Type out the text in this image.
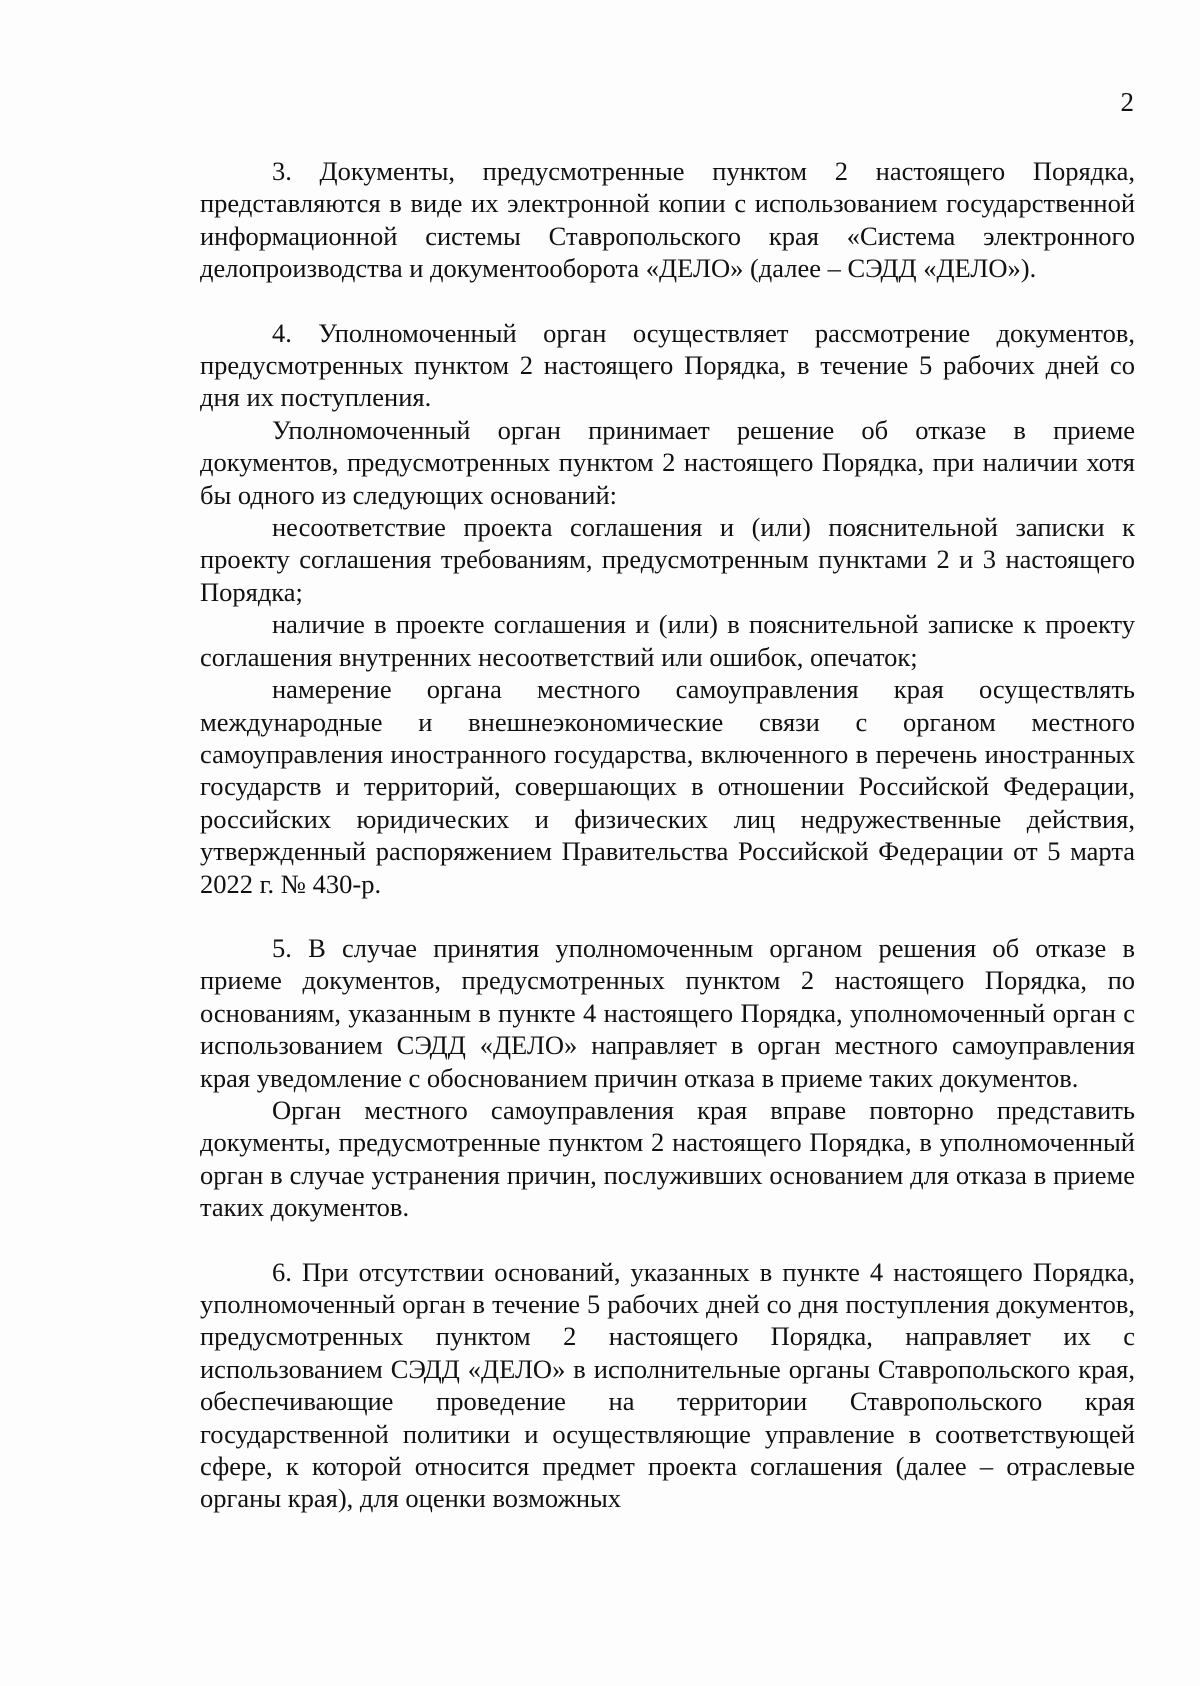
2

3. Документы, предусмотренные пунктом 2 настоящего Порядка, представляются в виде их электронной копии с использованием государственной информационной системы Ставропольского края «Система электронного делопроизводства и документооборота «ДЕЛО» (далее – СЭДД «ДЕЛО»).

4. Уполномоченный орган осуществляет рассмотрение документов, предусмотренных пунктом 2 настоящего Порядка, в течение 5 рабочих дней со дня их поступления.

Уполномоченный орган принимает решение об отказе в приеме документов, предусмотренных пунктом 2 настоящего Порядка, при наличии хотя бы одного из следующих оснований:

несоответствие проекта соглашения и (или) пояснительной записки к проекту соглашения требованиям, предусмотренным пунктами 2 и 3 настоящего Порядка;

наличие в проекте соглашения и (или) в пояснительной записке к проекту соглашения внутренних несоответствий или ошибок, опечаток;

намерение органа местного самоуправления края осуществлять международные и внешнеэкономические связи с органом местного самоуправления иностранного государства, включенного в перечень иностранных государств и территорий, совершающих в отношении Российской Федерации, российских юридических и физических лиц недружественные действия, утвержденный распоряжением Правительства Российской Федерации от 5 марта 2022 г. № 430-р.

5. В случае принятия уполномоченным органом решения об отказе в приеме документов, предусмотренных пунктом 2 настоящего Порядка, по основаниям, указанным в пункте 4 настоящего Порядка, уполномоченный орган с использованием СЭДД «ДЕЛО» направляет в орган местного самоуправления края уведомление с обоснованием причин отказа в приеме таких документов.

Орган местного самоуправления края вправе повторно представить документы, предусмотренные пунктом 2 настоящего Порядка, в уполномоченный орган в случае устранения причин, послуживших основанием для отказа в приеме таких документов.

6. При отсутствии оснований, указанных в пункте 4 настоящего Порядка, уполномоченный орган в течение 5 рабочих дней со дня поступления документов, предусмотренных пунктом 2 настоящего Порядка, направляет их с использованием СЭДД «ДЕЛО» в исполнительные органы Ставропольского края, обеспечивающие проведение на территории Ставропольского края государственной политики и осуществляющие управление в соответствующей сфере, к которой относится предмет проекта соглашения (далее – отраслевые органы края), для оценки возможных
